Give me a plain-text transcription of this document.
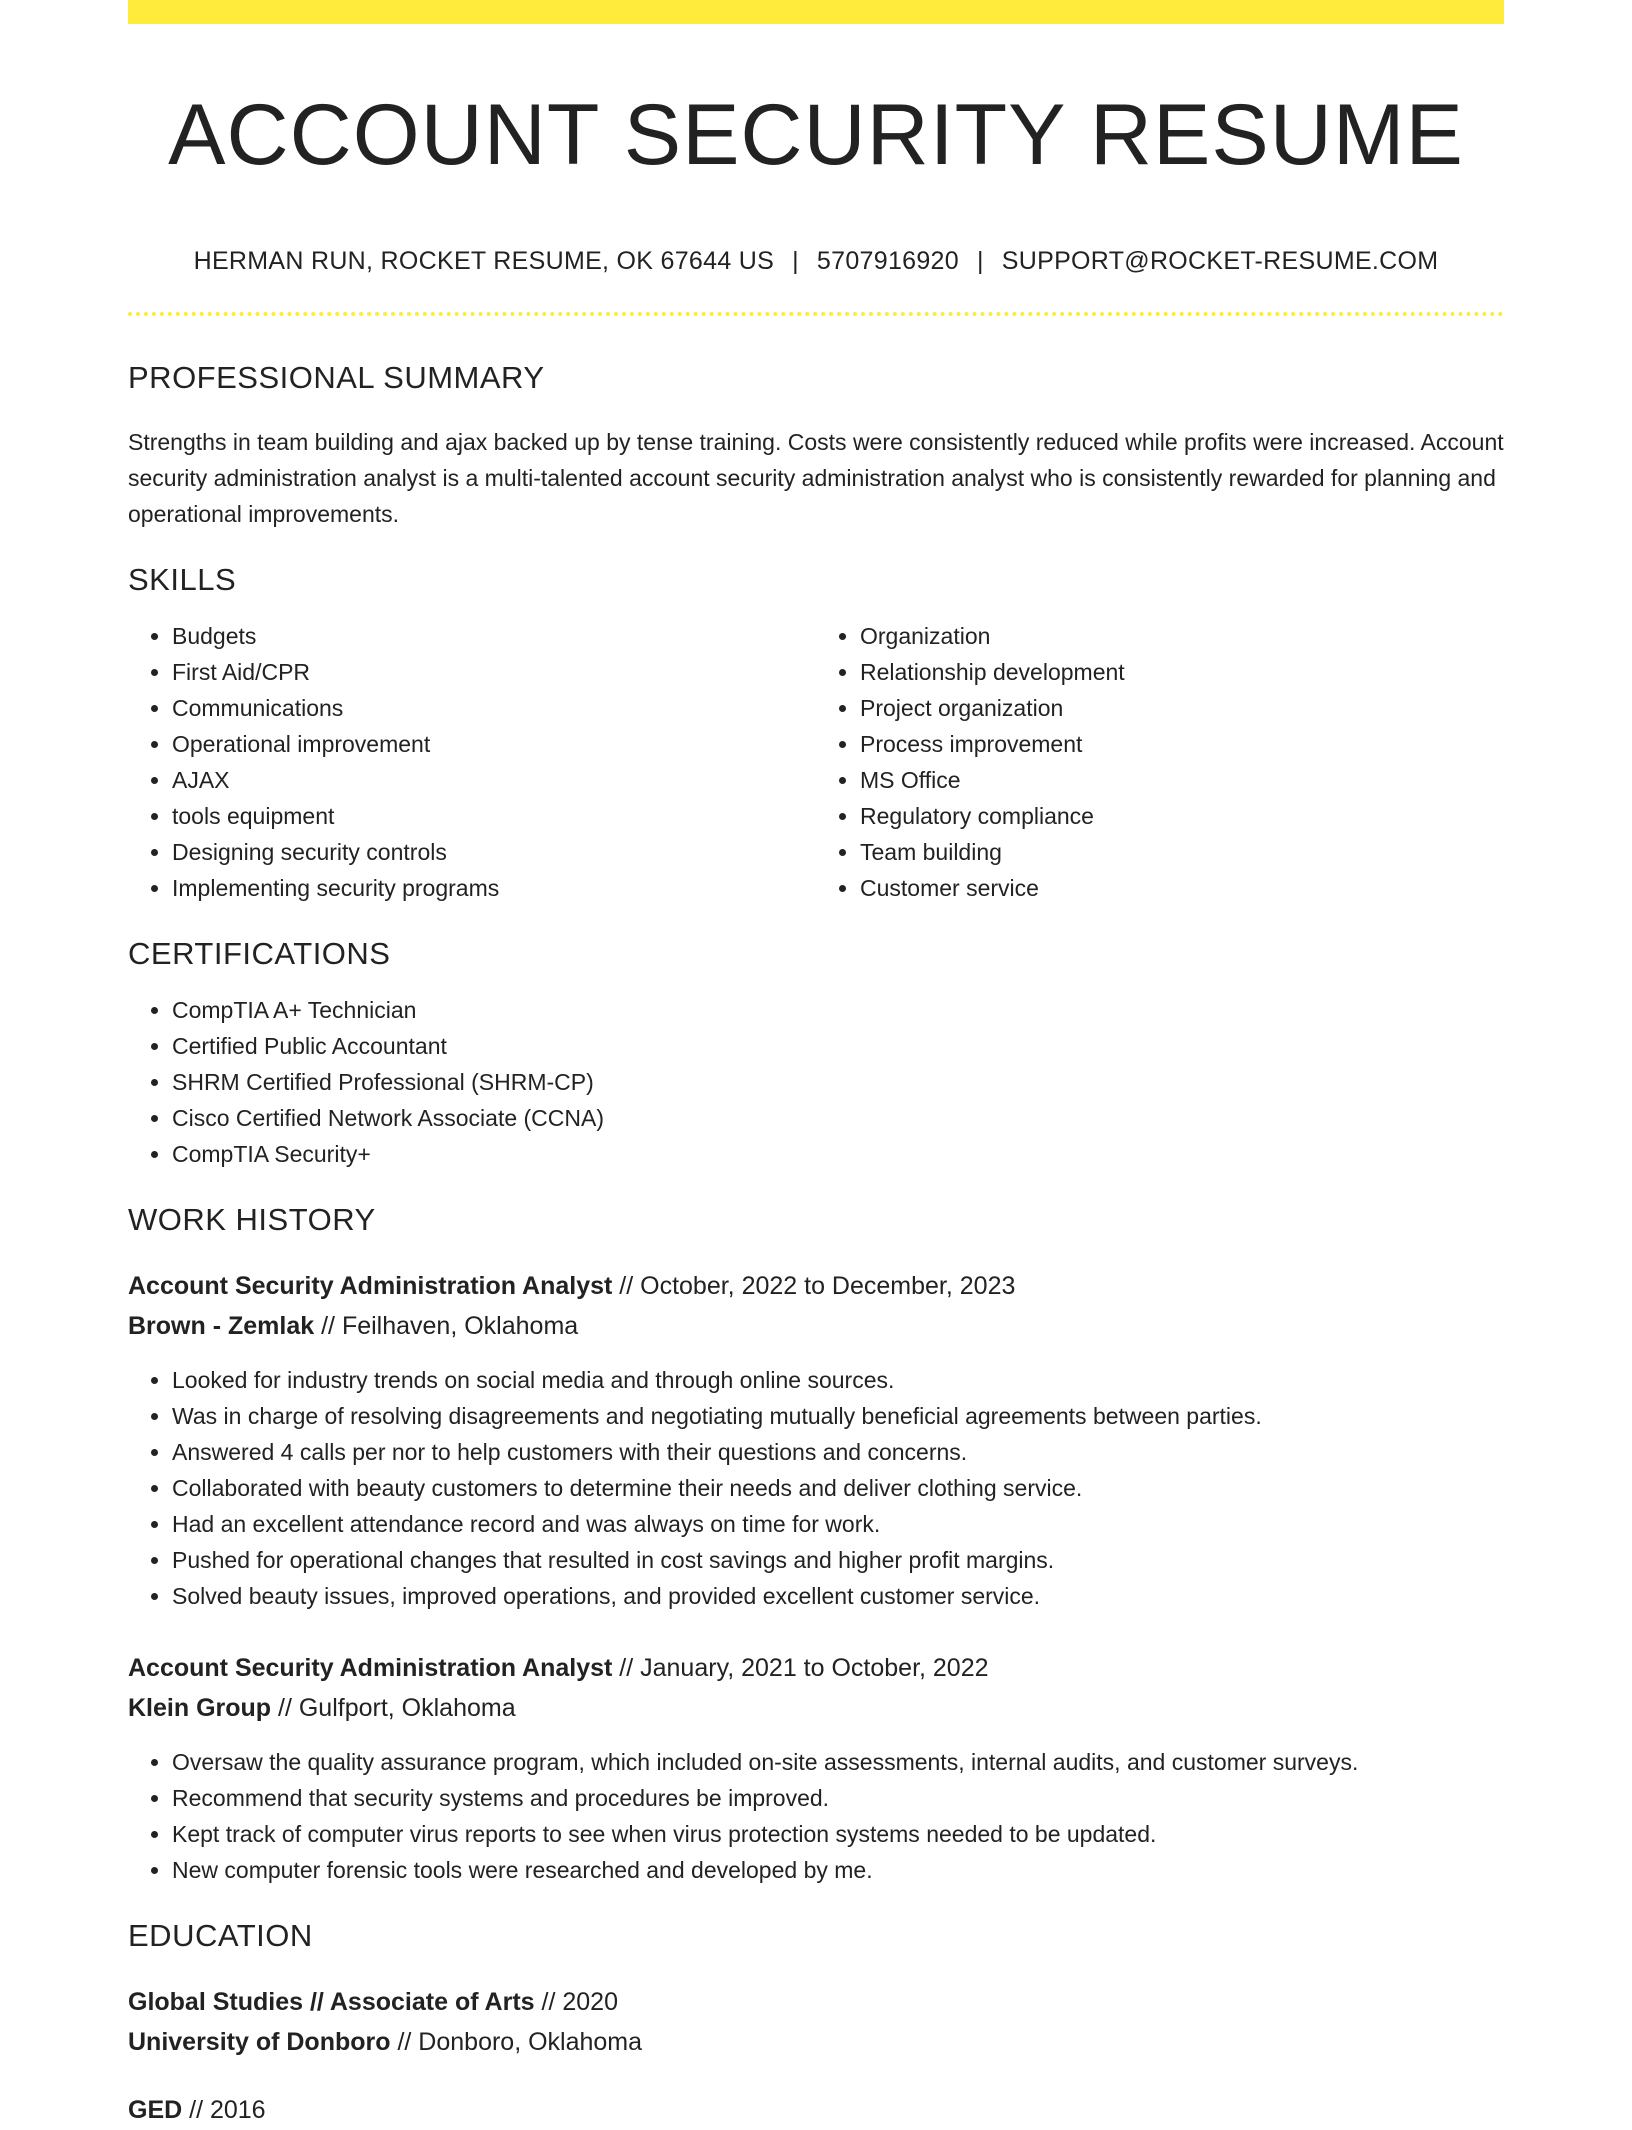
ACCOUNT SECURITY RESUME
HERMAN RUN, ROCKET RESUME, OK 67644 US | 5707916920 | SUPPORT@ROCKET-RESUME.COM
PROFESSIONAL SUMMARY
Strengths in team building and ajax backed up by tense training. Costs were consistently reduced while profits were increased. Account security administration analyst is a multi-talented account security administration analyst who is consistently rewarded for planning and operational improvements.
SKILLS
• Budgets
• First Aid/CPR
• Communications
• Operational improvement
• AJAX
• tools equipment
• Designing security controls
• Implementing security programs
• Organization
• Relationship development
• Project organization
• Process improvement
• MS Office
• Regulatory compliance
• Team building
• Customer service
CERTIFICATIONS
• CompTIA A+ Technician
• Certified Public Accountant
• SHRM Certified Professional (SHRM-CP)
• Cisco Certified Network Associate (CCNA)
• CompTIA Security+
WORK HISTORY
Account Security Administration Analyst // October, 2022 to December, 2023
Brown - Zemlak // Feilhaven, Oklahoma
• Looked for industry trends on social media and through online sources.
• Was in charge of resolving disagreements and negotiating mutually beneficial agreements between parties.
• Answered 4 calls per nor to help customers with their questions and concerns.
• Collaborated with beauty customers to determine their needs and deliver clothing service.
• Had an excellent attendance record and was always on time for work.
• Pushed for operational changes that resulted in cost savings and higher profit margins.
• Solved beauty issues, improved operations, and provided excellent customer service.
Account Security Administration Analyst // January, 2021 to October, 2022
Klein Group // Gulfport, Oklahoma
• Oversaw the quality assurance program, which included on-site assessments, internal audits, and customer surveys.
• Recommend that security systems and procedures be improved.
• Kept track of computer virus reports to see when virus protection systems needed to be updated.
• New computer forensic tools were researched and developed by me.
EDUCATION
Global Studies // Associate of Arts // 2020
University of Donboro // Donboro, Oklahoma
GED // 2016
